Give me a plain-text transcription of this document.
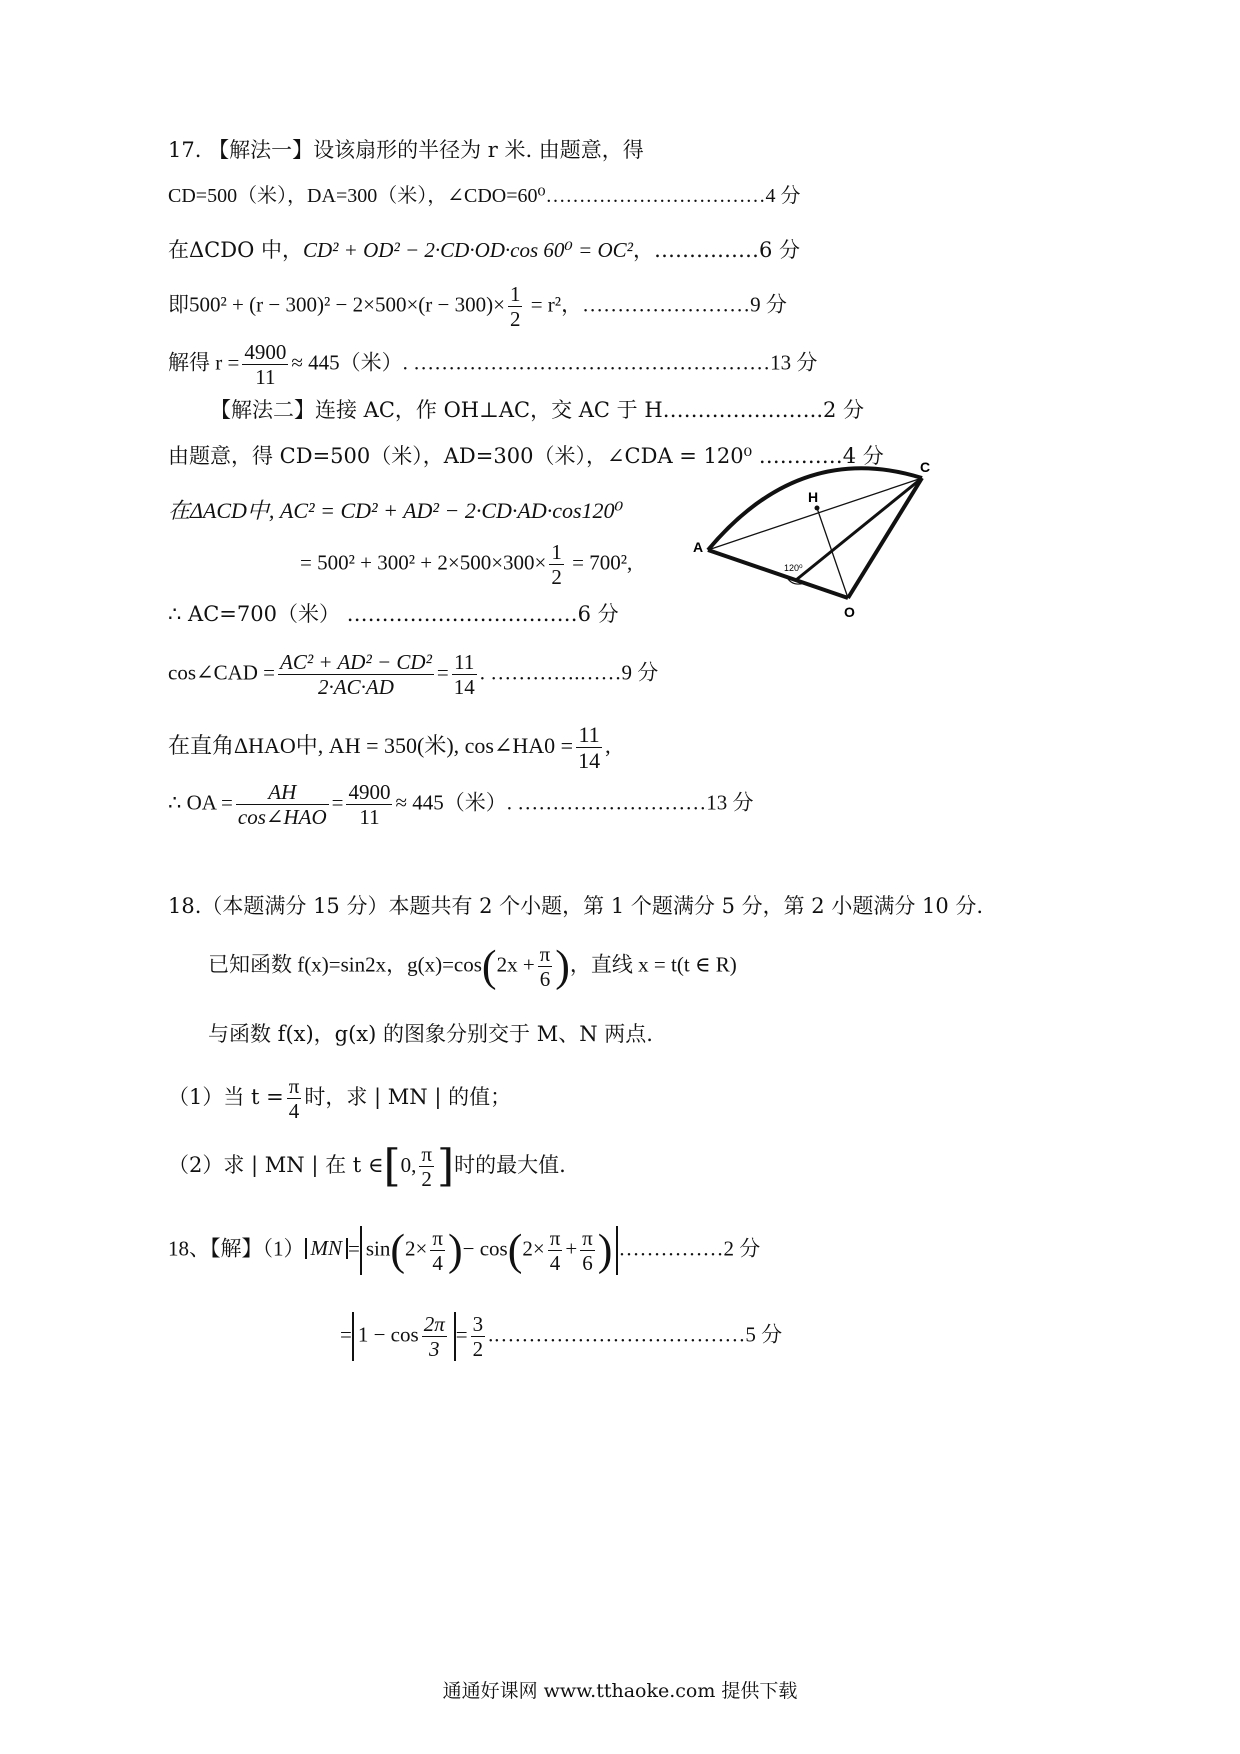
17. 【解法一】设该扇形的半径为 r 米. 由题意，得
CD=500（米），DA=300（米），∠CDO=60⁰……………………………4 分
在ΔCDO 中，CD² + OD² − 2·CD·OD·cos 60⁰ = OC²，……………6 分
即$500^2 + (r - 300)^2 - 2\times 500\times(r - 300)\times \frac{1}{2} = r^2$，……………………9 分
解得 $r = \frac{4900}{11} \approx 445$（米）. ……………………………………………13 分
【解法二】连接 AC，作 OH⊥AC，交 AC 于 H…………………..2 分
由题意，得 CD=500（米），AD=300（米），∠CDA = 120⁰ …………4 分
在ΔACD中, AC² = CD² + AD² − 2·CD·AD·cos120⁰
= $500^2 + 300^2 + 2\times 500\times 300\times \frac{1}{2} = 700^2$,
∴ AC=700（米） ……………………………6 分
cos∠CAD = $\frac{\text{AC² + AD² − CD²}}{2\cdot AC\cdot AD} = \frac{11}{14}$ . ………….……9 分
在直角ΔHAO中, AH = 350(米), cos∠HA0 = $\frac{11}{14}$ ,
∴ OA = $\frac{AH}{\text{cos∠HAO}} = \frac{4900}{11} \approx 445$（米）. ………………………13 分
A
C
H
O
120⁰
18.（本题满分 15 分）本题共有 2 个小题，第 1 个题满分 5 分，第 2 小题满分 10 分.
已知函数 f(x)=sin2x，$g(x)=\cos(2x + \frac{\pi}{6}$ )，直线 x = t(t ∈ R)
与函数 f(x)，g(x) 的图象分别交于 M、N 两点.
（1）当 $t = \frac{\pi}{4}$ 时，求 | MN | 的值；
（2）求 | MN | 在 t ∈[0, $\frac{\pi}{2}$ ]时的最大值.
18、【解】（1） MN = $\sin(2\times \frac{\pi}{4}$ )− $\cos(2\times \frac{\pi}{4} + \frac{\pi}{6}$ ) ……………2 分
= $1 - \cos \frac{2\pi}{3} = \frac{3}{2}$ .………………………………5 分
通通好课网 www.tthaoke.com 提供下载
